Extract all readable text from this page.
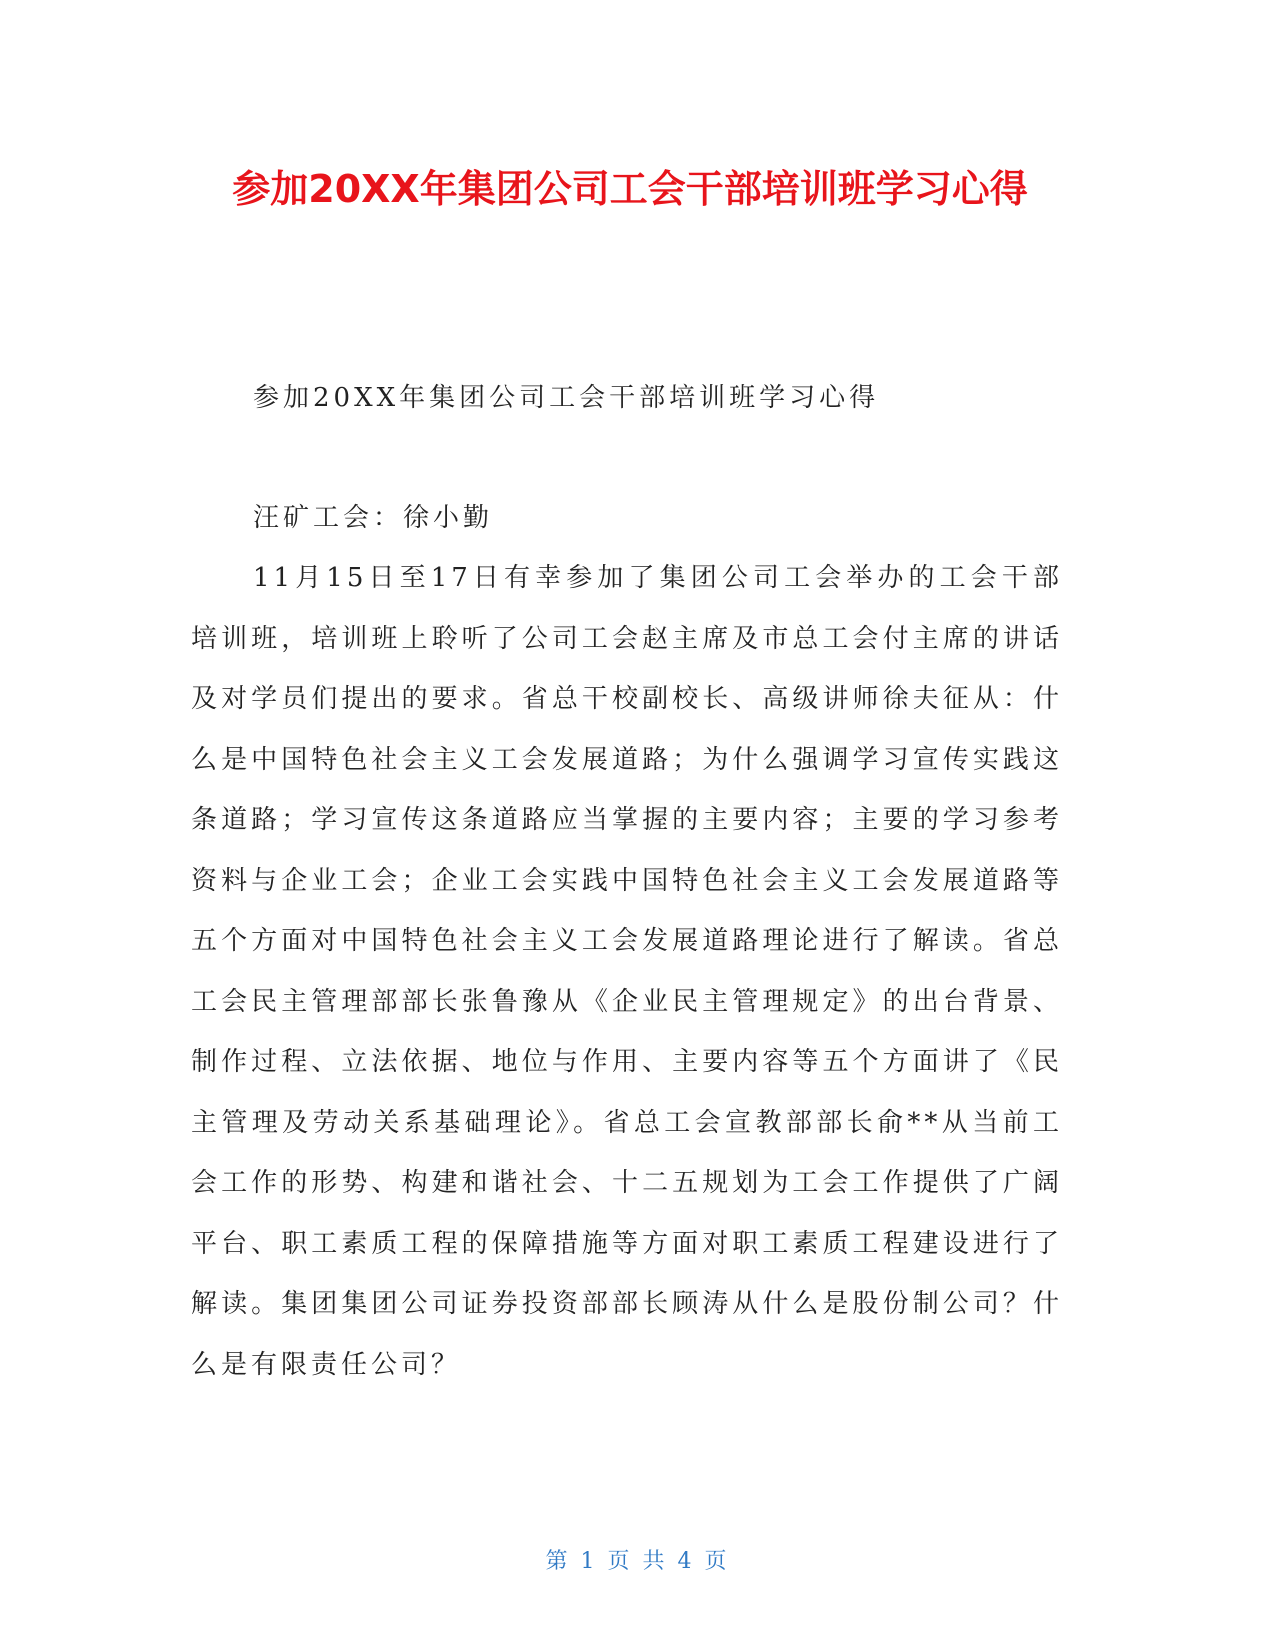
参加20XX年集团公司工会干部培训班学习心得

参加20XX年集团公司工会干部培训班学习心得

汪矿工会：徐小勤

11月15日至17日有幸参加了集团公司工会举办的工会干部培训班，培训班上聆听了公司工会赵主席及市总工会付主席的讲话及对学员们提出的要求。省总干校副校长、高级讲师徐夫征从：什么是中国特色社会主义工会发展道路；为什么强调学习宣传实践这条道路；学习宣传这条道路应当掌握的主要内容；主要的学习参考资料与企业工会；企业工会实践中国特色社会主义工会发展道路等五个方面对中国特色社会主义工会发展道路理论进行了解读。省总工会民主管理部部长张鲁豫从《企业民主管理规定》的出台背景、制作过程、立法依据、地位与作用、主要内容等五个方面讲了《民主管理及劳动关系基础理论》。省总工会宣教部部长俞**从当前工会工作的形势、构建和谐社会、十二五规划为工会工作提供了广阔平台、职工素质工程的保障措施等方面对职工素质工程建设进行了解读。集团集团公司证券投资部部长顾涛从什么是股份制公司？什么是有限责任公司？

第 1 页 共 4 页
